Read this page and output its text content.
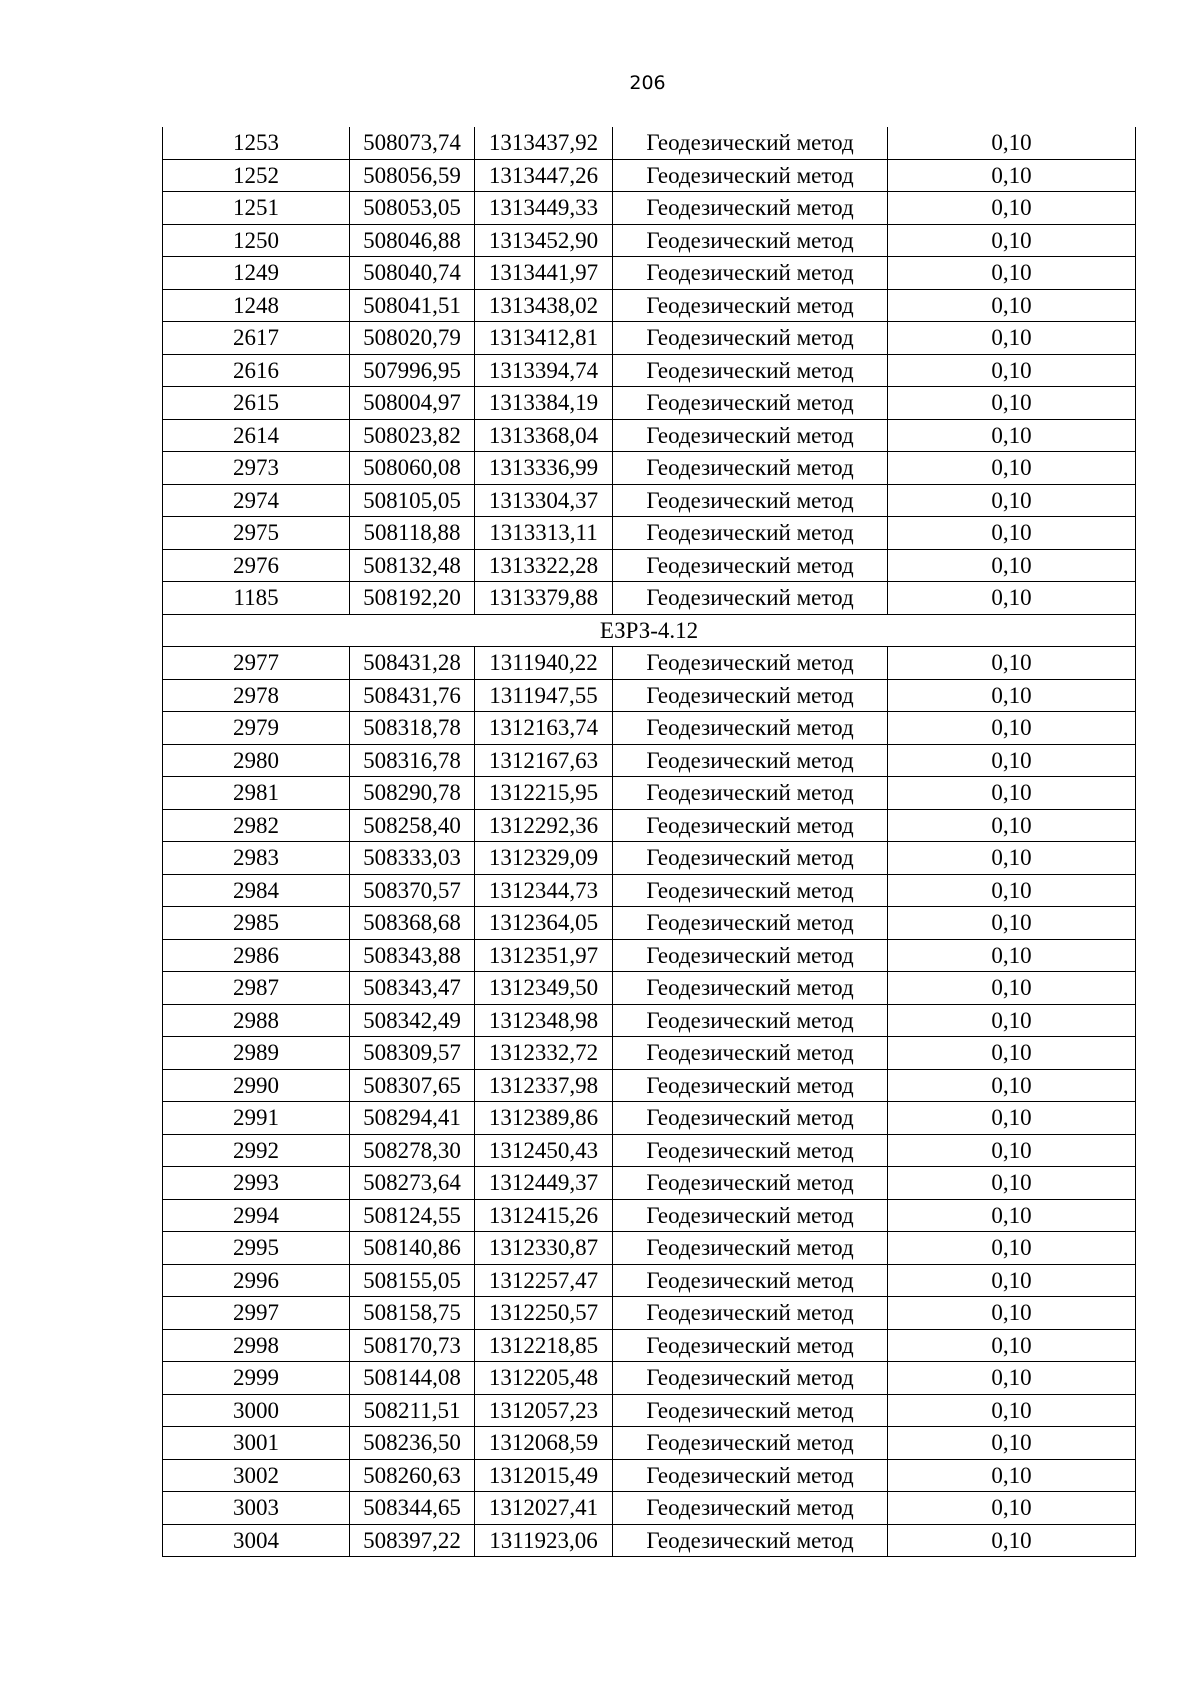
206
1253	508073,74	1313437,92	Геодезический метод	0,10
1252	508056,59	1313447,26	Геодезический метод	0,10
1251	508053,05	1313449,33	Геодезический метод	0,10
1250	508046,88	1313452,90	Геодезический метод	0,10
1249	508040,74	1313441,97	Геодезический метод	0,10
1248	508041,51	1313438,02	Геодезический метод	0,10
2617	508020,79	1313412,81	Геодезический метод	0,10
2616	507996,95	1313394,74	Геодезический метод	0,10
2615	508004,97	1313384,19	Геодезический метод	0,10
2614	508023,82	1313368,04	Геодезический метод	0,10
2973	508060,08	1313336,99	Геодезический метод	0,10
2974	508105,05	1313304,37	Геодезический метод	0,10
2975	508118,88	1313313,11	Геодезический метод	0,10
2976	508132,48	1313322,28	Геодезический метод	0,10
1185	508192,20	1313379,88	Геодезический метод	0,10
ЕЗРЗ-4.12				
2977	508431,28	1311940,22	Геодезический метод	0,10
2978	508431,76	1311947,55	Геодезический метод	0,10
2979	508318,78	1312163,74	Геодезический метод	0,10
2980	508316,78	1312167,63	Геодезический метод	0,10
2981	508290,78	1312215,95	Геодезический метод	0,10
2982	508258,40	1312292,36	Геодезический метод	0,10
2983	508333,03	1312329,09	Геодезический метод	0,10
2984	508370,57	1312344,73	Геодезический метод	0,10
2985	508368,68	1312364,05	Геодезический метод	0,10
2986	508343,88	1312351,97	Геодезический метод	0,10
2987	508343,47	1312349,50	Геодезический метод	0,10
2988	508342,49	1312348,98	Геодезический метод	0,10
2989	508309,57	1312332,72	Геодезический метод	0,10
2990	508307,65	1312337,98	Геодезический метод	0,10
2991	508294,41	1312389,86	Геодезический метод	0,10
2992	508278,30	1312450,43	Геодезический метод	0,10
2993	508273,64	1312449,37	Геодезический метод	0,10
2994	508124,55	1312415,26	Геодезический метод	0,10
2995	508140,86	1312330,87	Геодезический метод	0,10
2996	508155,05	1312257,47	Геодезический метод	0,10
2997	508158,75	1312250,57	Геодезический метод	0,10
2998	508170,73	1312218,85	Геодезический метод	0,10
2999	508144,08	1312205,48	Геодезический метод	0,10
3000	508211,51	1312057,23	Геодезический метод	0,10
3001	508236,50	1312068,59	Геодезический метод	0,10
3002	508260,63	1312015,49	Геодезический метод	0,10
3003	508344,65	1312027,41	Геодезический метод	0,10
3004	508397,22	1311923,06	Геодезический метод	0,10
